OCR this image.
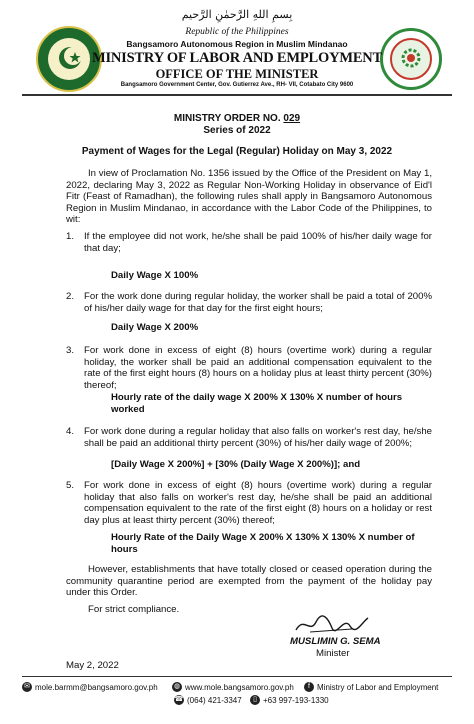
بِسمِ اللهِ الرَّحمٰنِ الرَّحيم
Republic of the Philippines
Bangsamoro Autonomous Region in Muslim Mindanao
MINISTRY OF LABOR AND EMPLOYMENT
OFFICE OF THE MINISTER
Bangsamoro Government Center, Gov. Gutierrez Ave., RH- VII, Cotabato City 9600
MINISTRY ORDER NO. 029
Series of 2022
Payment of Wages for the Legal (Regular) Holiday on May 3, 2022
In view of Proclamation No. 1356 issued by the Office of the President on May 1, 2022, declaring May 3, 2022 as Regular Non-Working Holiday in observance of Eid'l Fitr (Feast of Ramadhan), the following rules shall apply in Bangsamoro Autonomous Region in Muslim Mindanao, in accordance with the Labor Code of the Philippines, to wit:
1. If the employee did not work, he/she shall be paid 100% of his/her daily wage for that day;
Daily Wage X 100%
2. For the work done during regular holiday, the worker shall be paid a total of 200% of his/her daily wage for that day for the first eight hours;
Daily Wage X 200%
3. For work done in excess of eight (8) hours (overtime work) during a regular holiday, the worker shall be paid an additional compensation equivalent to the rate of the first eight hours (8) hours on a holiday plus at least thirty percent (30%) thereof;
Hourly rate of the daily wage X 200% X 130% X number of hours worked
4. For work done during a regular holiday that also falls on worker's rest day, he/she shall be paid an additional thirty percent (30%) of his/her daily wage of 200%;
[Daily Wage X 200%] + [30% (Daily Wage X 200%)]; and
5. For work done in excess of eight (8) hours (overtime work) during a regular holiday that also falls on worker's rest day, he/she shall be paid an additional compensation equivalent to the rate of the first eight (8) hours on a holiday or rest day plus at least thirty percent (30%) thereof;
Hourly Rate of the Daily Wage X 200% X 130% X 130% X number of hours
However, establishments that have totally closed or ceased operation during the community quarantine period are exempted from the payment of the holiday pay under this Order.
For strict compliance.
MUSLIMIN G. SEMA
Minister
May 2, 2022
✉ mole.barmm@bangsamoro.gov.ph ◍ www.mole.bangsamoro.gov.ph	f Ministry of Labor and Employment
☎ (064) 421-3347	▯ +63 997-193-1330
